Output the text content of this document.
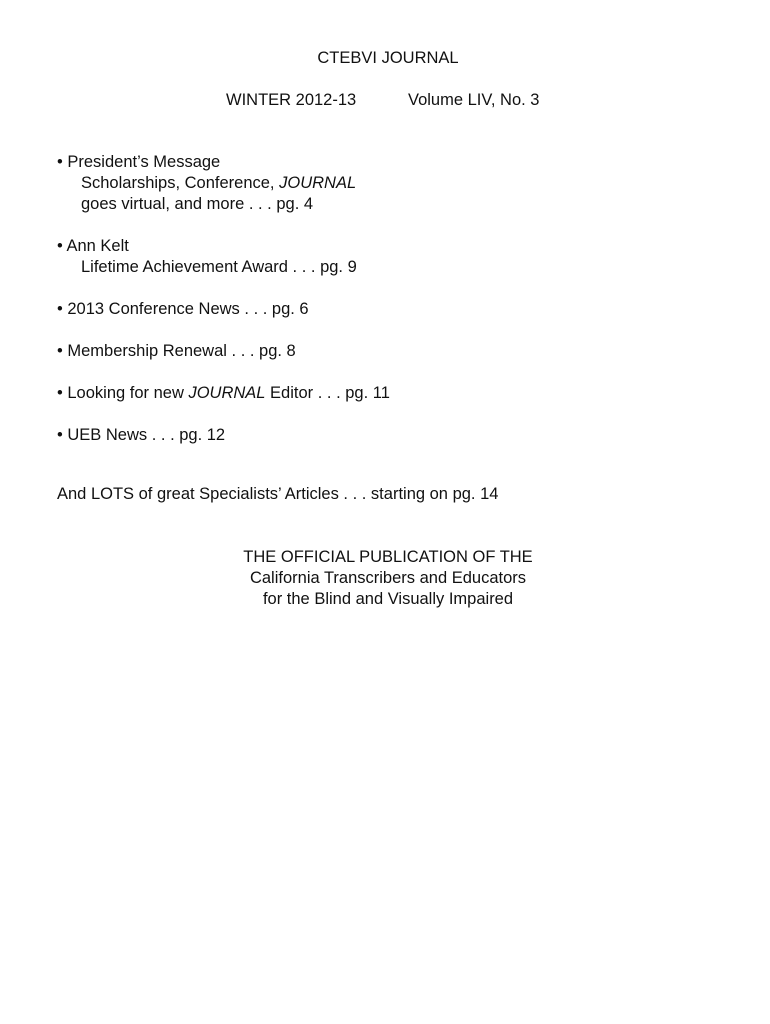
CTEBVI JOURNAL
WINTER 2012-13	Volume LIV, No. 3
• President’s Message
Scholarships, Conference, JOURNAL
goes virtual, and more . . . pg. 4
• Ann Kelt
Lifetime Achievement Award . . . pg. 9
• 2013 Conference News . . . pg. 6
• Membership Renewal . . . pg. 8
• Looking for new JOURNAL Editor . . . pg. 11
• UEB News . . . pg. 12
And LOTS of great Specialists’ Articles . . . starting on pg. 14
THE OFFICIAL PUBLICATION OF THE
California Transcribers and Educators
for the Blind and Visually Impaired
